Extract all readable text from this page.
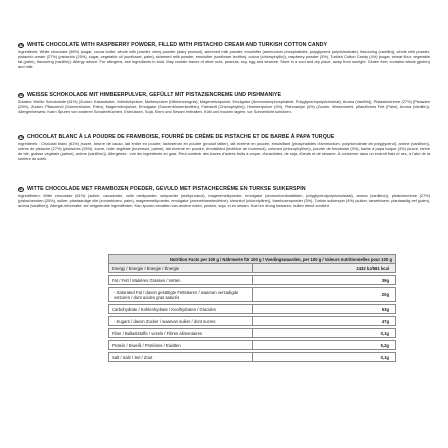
EN WHITE CHOCOLATE WITH RASPBERRY POWDER, FILLED WITH PISTACHIO CREAM AND TURKISH COTTON CANDY
Ingredients: White chocolate (56%) (sugar, cocoa butter, whole milk powder, whey powder (dairy product), skimmed milk powder, emulsifier (ammonium phosphatides, polyglycerol polyricinoleate), flavouring (vanillin)), whole milk powder, pistachio cream (27%) (pistachio (25%), sugar, vegetable oil (sunflower, palm), skimmed milk powder, emulsifier (sunflower lecithin), colour (chlorophyllin)), raspberry powder (3%), Turkish Cotton Candy (4%) (sugar, wheat flour, vegetable fat (palm), flavouring (vanillin)). Allergy advice: For allergens, see ingredients in bold. May contain traces of other nuts, peanuts, soy, egg and sesame. Store in a cool and dry place, away from sunlight. Gluten free; contains wheat (gluten) and milk.
DE WEISSE SCHOKOLADE MIT HIMBEERPULVER, GEFÜLLT MIT PISTAZIENCREME UND PISHMANIYE
Zutaten: Weiße Schokolade (61%) (Zucker, Kakaobutter, Vollmilchpulver, Molkenpulver (Milcherzeugnis), Magermilchpulver, Emulgator (Ammoniumphosphatide, Polyglycerinpolyricinoleat), Aroma (Vanillin)), Pistazienkreme (27%) (Pistazien (25%), Zucker, Pflanzenöl (Sonnenblume, Palm), Magermilchpulver, Emulgator (Sonnenblumenlecithin), Farbstoff (Chlorophyllin)), Himbeerpulver (3%), Pishmaniye (4%) (Zucker, Weizenmehl, pflanzliches Fett (Palm), Aroma (Vanillin)). Allergenhinweis: Kann Spuren von anderen Schalenfrüchten, Erdnüssen, Soja, Eiern und Sesam enthalten. Kühl und trocken lagern, vor Sonnenlicht schützen.
FR CHOCOLAT BLANC À LA POUDRE DE FRAMBOISE, FOURRÉ DE CRÈME DE PISTACHE ET DE BARBE À PAPA TURQUE
Ingrédients : Chocolat blanc (61%) (sucre, beurre de cacao, lait entier en poudre, lactosérum en poudre (produit laitier), lait écrémé en poudre, émulsifiant (phosphatides d'ammonium, polyricinoléate de polyglycérol), arôme (vanilline)), crème de pistache (27%) (pistaches (25%), sucre, huile végétale (tournesol, palme), lait écrémé en poudre, émulsifiant (lécithine de tournesol), colorant (chlorophylline)), poudre de framboise (3%), barbe à papa turque (4%) (sucre, farine de blé, graisse végétale (palme), arôme (vanilline)). Allergènes : voir les ingrédients en gras. Peut contenir des traces d'autres fruits à coque, d'arachides, de soja, d'œufs et de sésame. À conserver dans un endroit frais et sec, à l'abri de la lumière du soleil.
NL WITTE CHOCOLADE MET FRAMBOZEN POEDER, GEVULD MET PISTACHECRÈME EN TURKSE SUIKERSPIN
Ingrediënten: Witte chocolade (61%) (suiker, cacaoboter, volle melkpoeder, weipoeder (melkproduct), mageremelkpoeder, emulgator (ammoniumfosfatiden, polyglycerolpolyricinoleaat), aroma (vanilline)), pistachecrème (27%) (pistachenoten (25%), suiker, plantaardige olie (zonnebloem, palm), mageremelkpoeder, emulgator (zonnebloemlecithine), kleurstof (chlorofylline)), frambozenpoeder (3%), Turkse suikerspin (4%) (suiker, tarwebloem, plantaardig vet (palm), aroma (vanilline)). Allergie-informatie: zie vetgedrukte ingrediënten. Kan sporen bevatten van andere noten, pinda's, soja, ei en sesam. Koel en droog bewaren, buiten direct zonlicht.
Nutrition Facts per 100 g / Nährwerte für 100 g / Voedingswaarden, per 100 g / Valeurs nutritionnelles pour 100 g	
Energy / Energie / Energie / Énergie	2432 kJ/581 kcal

Fat / Fett / Matières Grasses / Vetten	39g

- Saturated Fat / davon gesättigte Fettsäuren / waarvan verzadigde vetzuren / dont acides gras saturés	20g

Carbohydrate / Kohlenhydrate / Koolhydraten / Glucides	53g

- Sugars / davon Zucker / waarvan suiker / dont sucres	47g

Fiber / Ballaststoffe / vezels / Fibres alimentaires	0,1g

Protein / Eiweiß / Protéines / Eiwitten	5,2g

Salt / Salz / Sel / Zout	0,1g
